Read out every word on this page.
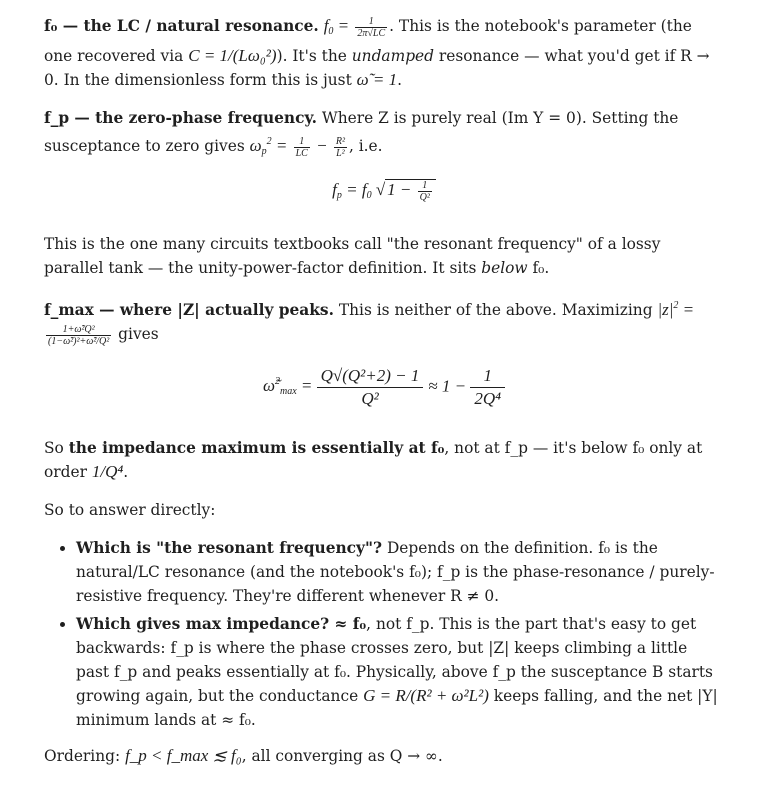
f₀ — the LC / natural resonance. $f_0 = \frac{1}{2\pi√LC}$ . This is the notebook's parameter (the one recovered via C = 1/(Lω₀²)). It's the undamped resonance — what you'd get if R → 0. In the dimensionless form this is just ω̃ = 1.

f_p — the zero-phase frequency. Where Z is purely real (Im Y = 0). Setting the susceptance to zero gives $\omega_p^2 = \frac{1}{LC} - \frac{\text{R²}}{\text{L²}}$ , i.e.

$f_p = f_0$ √ $1 - \frac{1}{\text{Q²}}$

This is the one many circuits textbooks call "the resonant frequency" of a lossy parallel tank — the unity-power-factor definition. It sits below f₀.

f_max — where |Z| actually peaks. This is neither of the above. Maximizing $|z|^2$ =
$\frac{\text{1+ω̃²Q²}}{\text{(1−ω̃²)²+ω̃²/Q²}}$ gives

ω̃$^2_{max}$ = $\frac{\text{Q√(Q²+2) − 1}}{\text{Q²}} \approx 1 - \frac{1}{\text{2Q⁴}}$

So the impedance maximum is essentially at f₀, not at f_p — it's below f₀ only at order 1/Q⁴.

So to answer directly:

• Which is "the resonant frequency"? Depends on the definition. f₀ is the natural/LC resonance (and the notebook's f₀); f_p is the phase-resonance / purely-resistive frequency. They're different whenever R ≠ 0.
• Which gives max impedance? ≈ f₀, not f_p. This is the part that's easy to get backwards: f_p is where the phase crosses zero, but |Z| keeps climbing a little past f_p and peaks essentially at f₀. Physically, above f_p the susceptance B starts growing again, but the conductance G = R/(R² + ω²L²) keeps falling, and the net |Y| minimum lands at ≈ f₀.

Ordering: f_p < f_max ≲ f₀, all converging as Q → ∞.
